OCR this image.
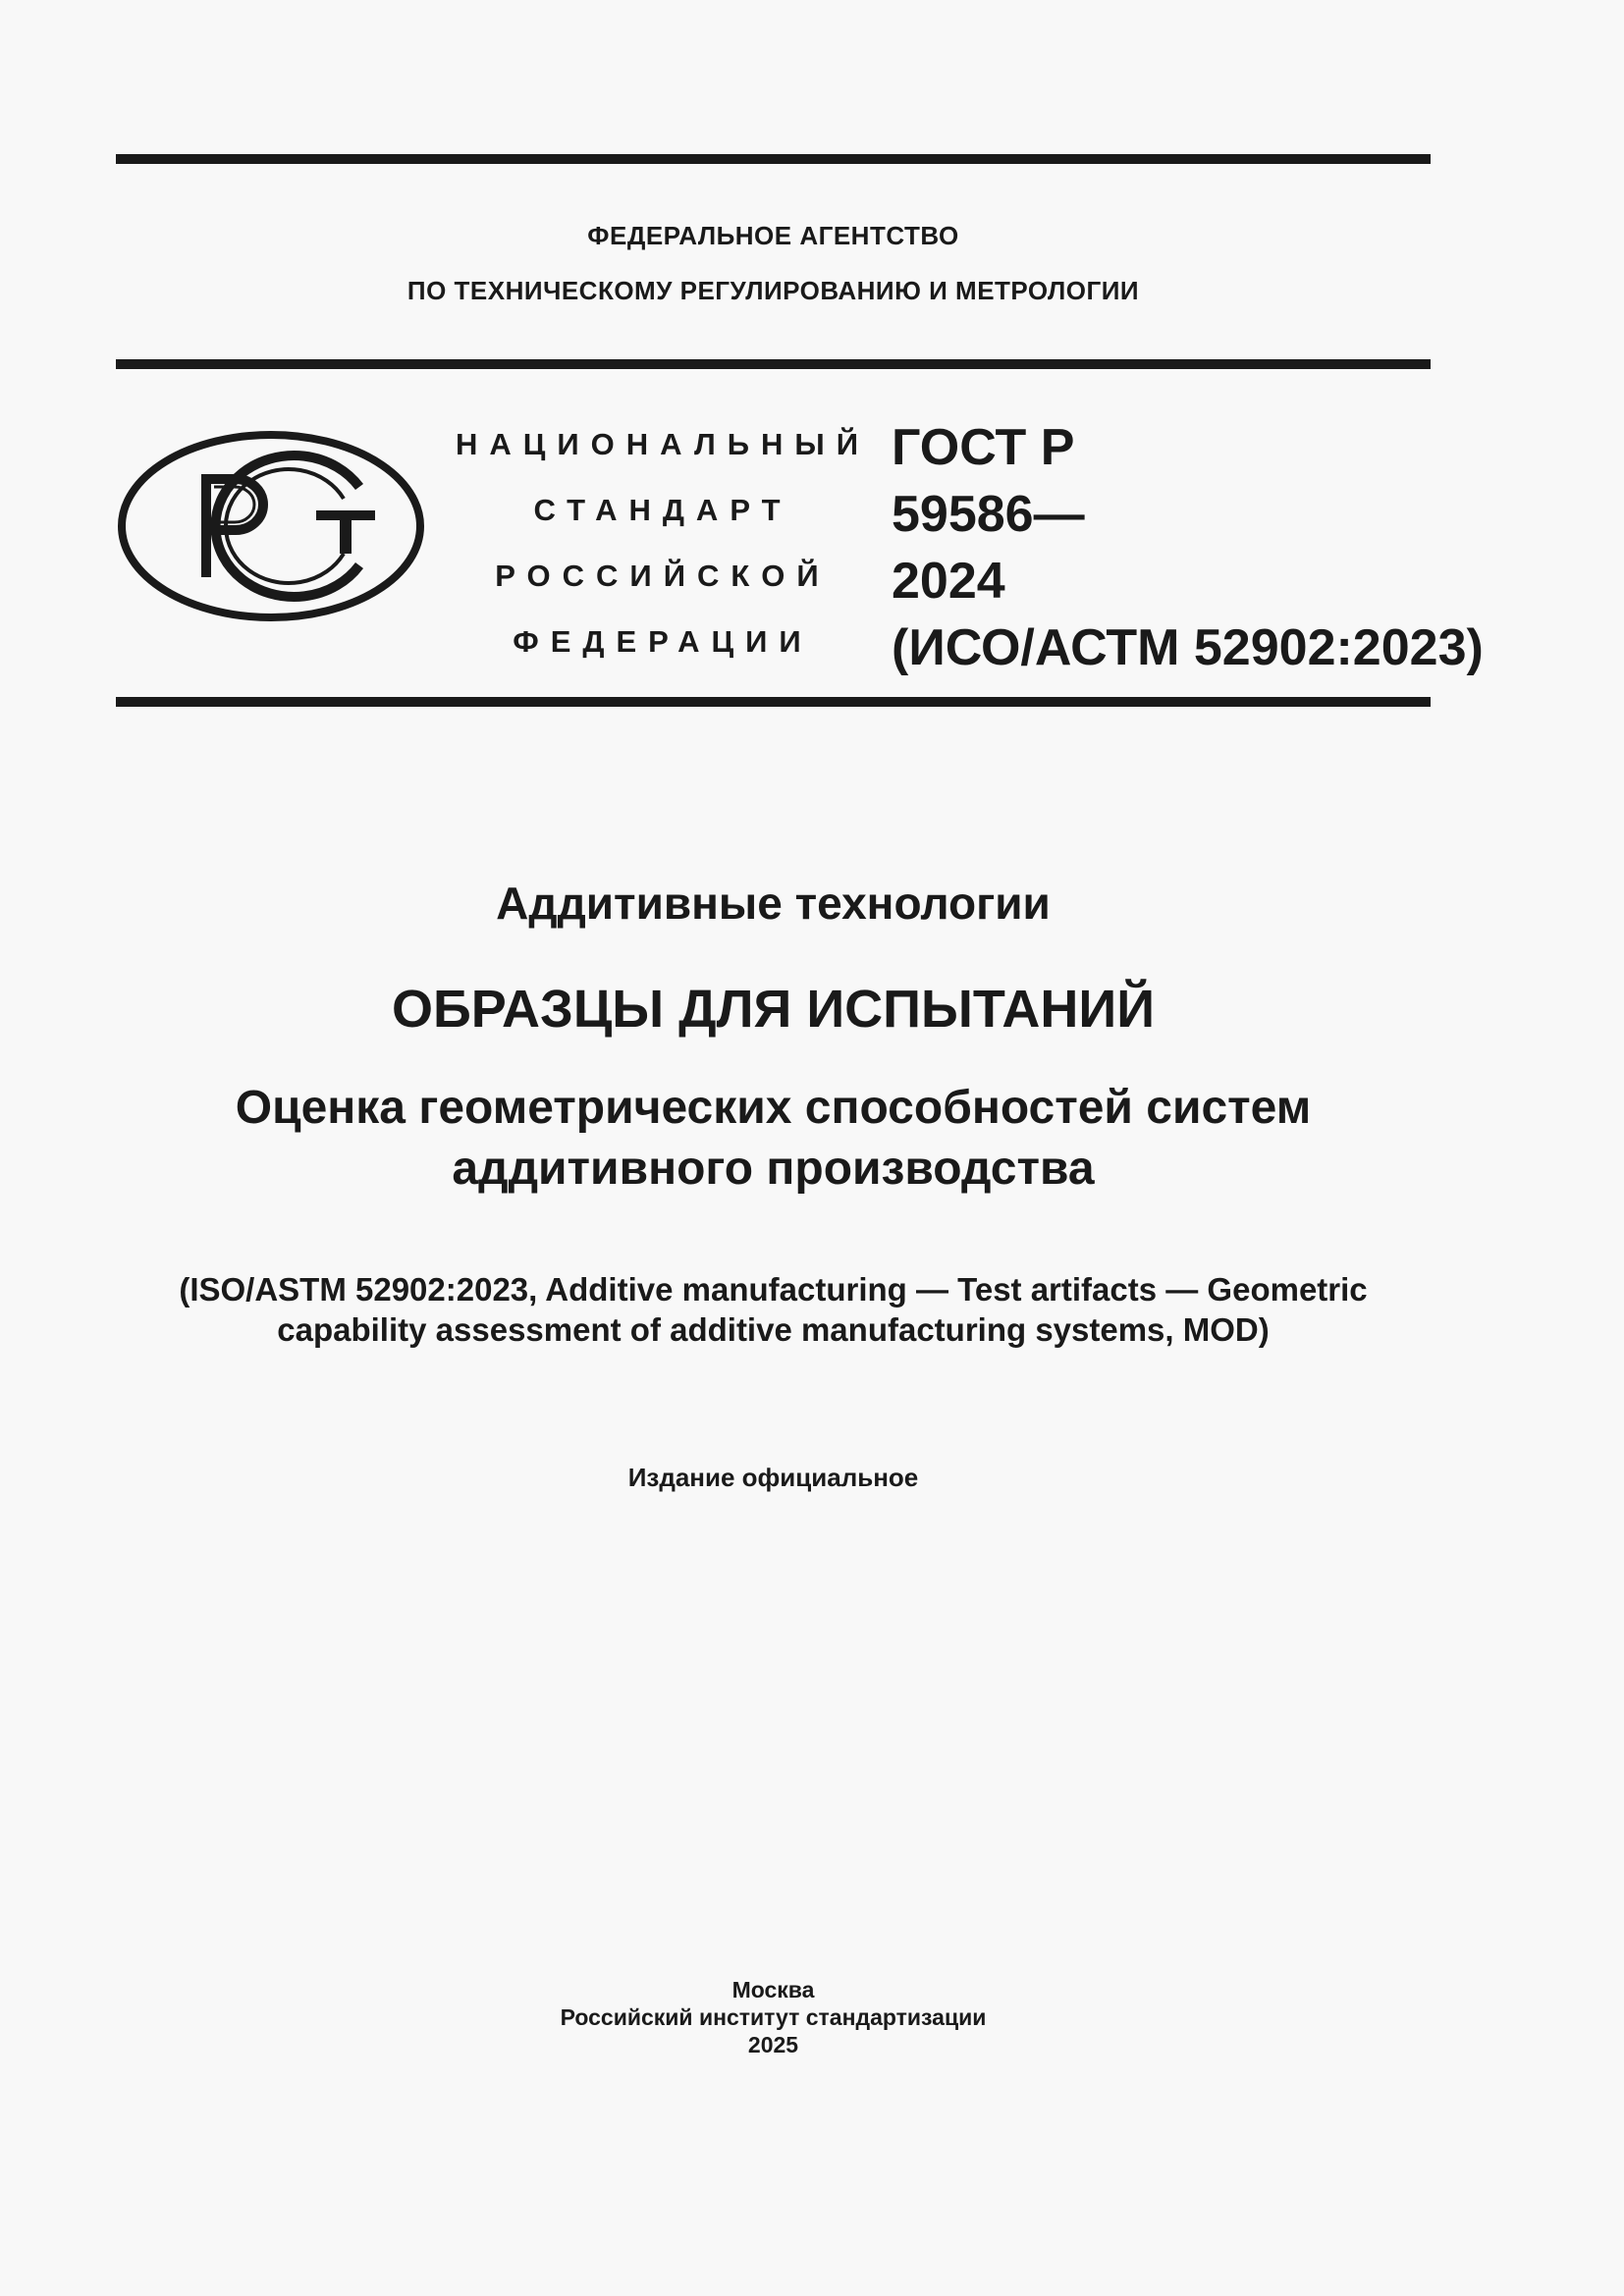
ФЕДЕРАЛЬНОЕ АГЕНТСТВО
ПО ТЕХНИЧЕСКОМУ РЕГУЛИРОВАНИЮ И МЕТРОЛОГИИ
НАЦИОНАЛЬНЫЙ
СТАНДАРТ
РОССИЙСКОЙ
ФЕДЕРАЦИИ
ГОСТ Р
59586—
2024
(ИСО/АСТМ 52902:2023)
Аддитивные технологии
ОБРАЗЦЫ ДЛЯ ИСПЫТАНИЙ
Оценка геометрических способностей систем
аддитивного производства
(ISO/ASTM 52902:2023, Additive manufacturing — Test artifacts — Geometric
capability assessment of additive manufacturing systems, MOD)
Издание официальное
Москва
Российский институт стандартизации
2025
